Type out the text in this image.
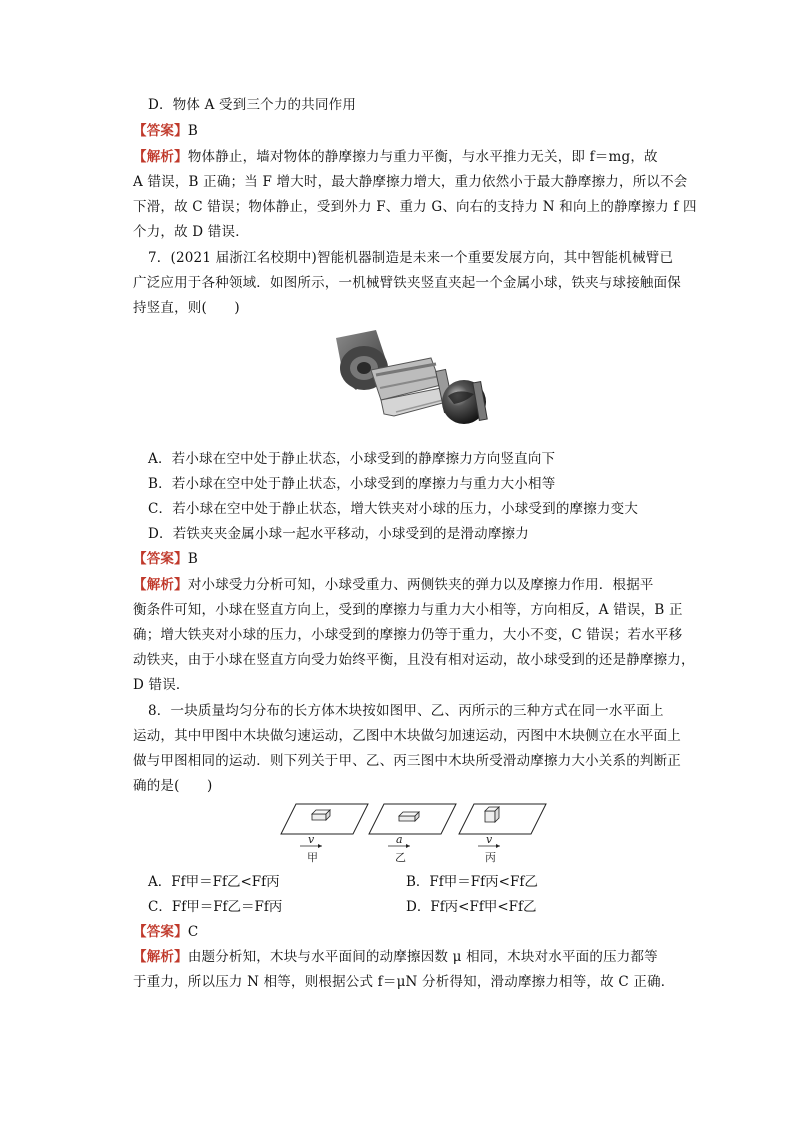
D．物体 A 受到三个力的共同作用
【答案】B
【解析】物体静止，墙对物体的静摩擦力与重力平衡，与水平推力无关，即 f＝mg，故
A 错误，B 正确；当 F 增大时，最大静摩擦力增大，重力依然小于最大静摩擦力，所以不会
下滑，故 C 错误；物体静止，受到外力 F、重力 G、向右的支持力 N 和向上的静摩擦力 f 四
个力，故 D 错误．
7．(2021 届浙江名校期中)智能机器制造是未来一个重要发展方向，其中智能机械臂已
广泛应用于各种领域．如图所示，一机械臂铁夹竖直夹起一个金属小球，铁夹与球接触面保
持竖直，则(　　)
A．若小球在空中处于静止状态，小球受到的静摩擦力方向竖直向下
B．若小球在空中处于静止状态，小球受到的摩擦力与重力大小相等
C．若小球在空中处于静止状态，增大铁夹对小球的压力，小球受到的摩擦力变大
D．若铁夹夹金属小球一起水平移动，小球受到的是滑动摩擦力
【答案】B
【解析】对小球受力分析可知，小球受重力、两侧铁夹的弹力以及摩擦力作用．根据平
衡条件可知，小球在竖直方向上，受到的摩擦力与重力大小相等，方向相反，A 错误，B 正
确；增大铁夹对小球的压力，小球受到的摩擦力仍等于重力，大小不变，C 错误；若水平移
动铁夹，由于小球在竖直方向受力始终平衡，且没有相对运动，故小球受到的还是静摩擦力，
D 错误．
8．一块质量均匀分布的长方体木块按如图甲、乙、丙所示的三种方式在同一水平面上
运动，其中甲图中木块做匀速运动，乙图中木块做匀加速运动，丙图中木块侧立在水平面上
做与甲图相同的运动．则下列关于甲、乙、丙三图中木块所受滑动摩擦力大小关系的判断正
确的是(　　)
v
甲
a
乙
v
丙
A．Ff甲＝Ff乙<Ff丙	B．Ff甲＝Ff丙<Ff乙
C．Ff甲＝Ff乙＝Ff丙	D．Ff丙<Ff甲<Ff乙
【答案】C
【解析】由题分析知，木块与水平面间的动摩擦因数 μ 相同，木块对水平面的压力都等
于重力，所以压力 N 相等，则根据公式 f＝μN 分析得知，滑动摩擦力相等，故 C 正确．
